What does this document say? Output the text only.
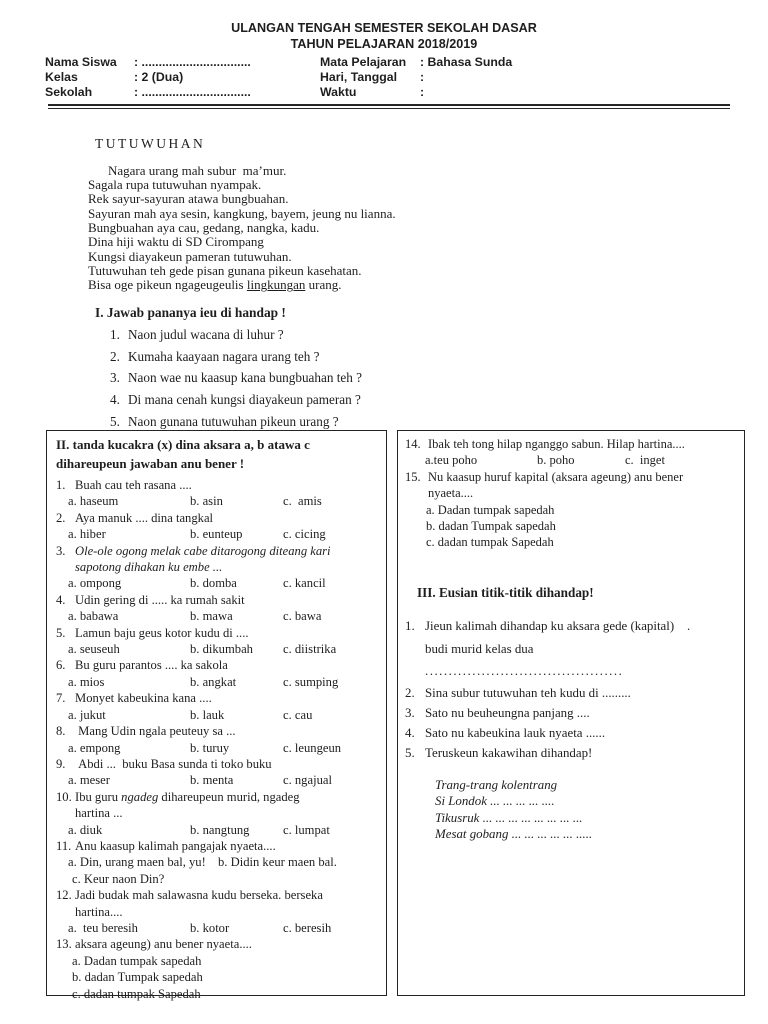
ULANGAN TENGAH SEMESTER SEKOLAH DASAR
TAHUN PELAJARAN 2018/2019
Nama Siswa : ................................	Mata Pelajaran : Bahasa Sunda
Kelas	: 2 (Dua)	Hari, Tanggal :
Sekolah	: ................................	Waktu	:
TUTUWUHAN
Nagara urang mah subur  ma’mur.
Sagala rupa tutuwuhan nyampak.
Rek sayur-sayuran atawa bungbuahan.
Sayuran mah aya sesin, kangkung, bayem, jeung nu lianna.
Bungbuahan aya cau, gedang, nangka, kadu.
Dina hiji waktu di SD Cirompang
Kungsi diayakeun pameran tutuwuhan.
Tutuwuhan teh gede pisan gunana pikeun kasehatan.
Bisa oge pikeun ngageugeulis lingkungan urang.
I. Jawab pananya ieu di handap !
1. Naon judul wacana di luhur ?
2. Kumaha kaayaan nagara urang teh ?
3. Naon wae nu kaasup kana bungbuahan teh ?
4. Di mana cenah kungsi diayakeun pameran ?
5. Naon gunana tutuwuhan pikeun urang ?
II. tanda kucakra (x) dina aksara a, b atawa c
dihareupeun jawaban anu bener !
1. Buah cau teh rasana ....
a. haseum	b. asin	c.  amis
2. Aya manuk .... dina tangkal
a. hiber	b. eunteup	c. cicing
3. Ole-ole ogong melak cabe ditarogong diteang kari
sapotong dihakan ku embe ...
a. ompong	b. domba	c. kancil
4. Udin gering di ..... ka rumah sakit
a. babawa	b. mawa	c. bawa
5. Lamun baju geus kotor kudu di ....
a. seuseuh	b. dikumbah	c. diistrika
6. Bu guru parantos .... ka sakola
a. mios	b. angkat	c. sumping
7. Monyet kabeukina kana ....
a. jukut	b. lauk	c. cau
8. Mang Udin ngala peuteuy sa ...
a. empong	b. turuy	c. leungeun
9. Abdi ...  buku Basa sunda ti toko buku
a. meser	b. menta	c. ngajual
10. Ibu guru ngadeg dihareupeun murid, ngadeg
hartina ...
a. diuk	b. nangtung	c. lumpat
11. Anu kaasup kalimah pangajak nyaeta....
a. Din, urang maen bal, yu! b. Didin keur maen bal.
c. Keur naon Din?
12. Jadi budak mah salawasna kudu berseka. berseka
hartina....
a.  teu beresih	b. kotor	c. beresih
13. aksara ageung) anu bener nyaeta....
a. Dadan tumpak sapedah
b. dadan Tumpak sapedah
c. dadan tumpak Sapedah
14. Ibak teh tong hilap nganggo sabun. Hilap hartina....
a.teu poho	b. poho	c.  inget
15. Nu kaasup huruf kapital (aksara ageung) anu bener
nyaeta....
a. Dadan tumpak sapedah
b. dadan Tumpak sapedah
c. dadan tumpak Sapedah
III. Eusian titik-titik dihandap!
1. Jieun kalimah dihandap ku aksara gede (kapital)    .
budi murid kelas dua
..........................................
2. Sina subur tutuwuhan teh kudu di .........
3. Sato nu beuheungna panjang ....
4. Sato nu kabeukina lauk nyaeta ......
5. Teruskeun kakawihan dihandap!
Trang-trang kolentrang
Si Londok ... ... ... ... ....
Tikusruk ... ... ... ... ... ... ... ...
Mesat gobang ... ... ... ... ... .....
